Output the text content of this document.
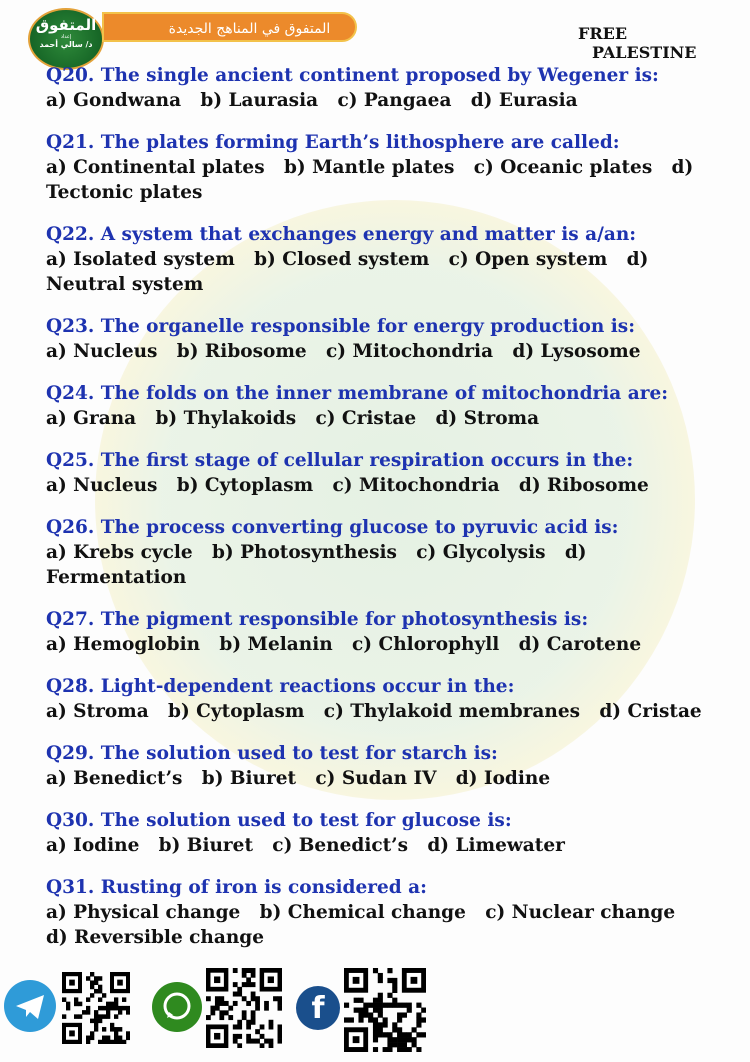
المتفوق
إعداد
د/ سالي أحمد
المتفوق في المناهج الجديدة	FREE
PALESTINE
Q20. The single ancient continent proposed by Wegener is:
a) Gondwana   b) Laurasia   c) Pangaea   d) Eurasia
Q21. The plates forming Earth’s lithosphere are called:
a) Continental plates   b) Mantle plates   c) Oceanic plates   d) Tectonic plates
Q22. A system that exchanges energy and matter is a/an:
a) Isolated system   b) Closed system   c) Open system   d) Neutral system
Q23. The organelle responsible for energy production is:
a) Nucleus   b) Ribosome   c) Mitochondria   d) Lysosome
Q24. The folds on the inner membrane of mitochondria are:
a) Grana   b) Thylakoids   c) Cristae   d) Stroma
Q25. The first stage of cellular respiration occurs in the:
a) Nucleus   b) Cytoplasm   c) Mitochondria   d) Ribosome
Q26. The process converting glucose to pyruvic acid is:
a) Krebs cycle   b) Photosynthesis   c) Glycolysis   d) Fermentation
Q27. The pigment responsible for photosynthesis is:
a) Hemoglobin   b) Melanin   c) Chlorophyll   d) Carotene
Q28. Light-dependent reactions occur in the:
a) Stroma   b) Cytoplasm   c) Thylakoid membranes   d) Cristae
Q29. The solution used to test for starch is:
a) Benedict’s   b) Biuret   c) Sudan IV   d) Iodine
Q30. The solution used to test for glucose is:
a) Iodine   b) Biuret   c) Benedict’s   d) Limewater
Q31. Rusting of iron is considered a:
a) Physical change   b) Chemical change   c) Nuclear change   d) Reversible change
f
